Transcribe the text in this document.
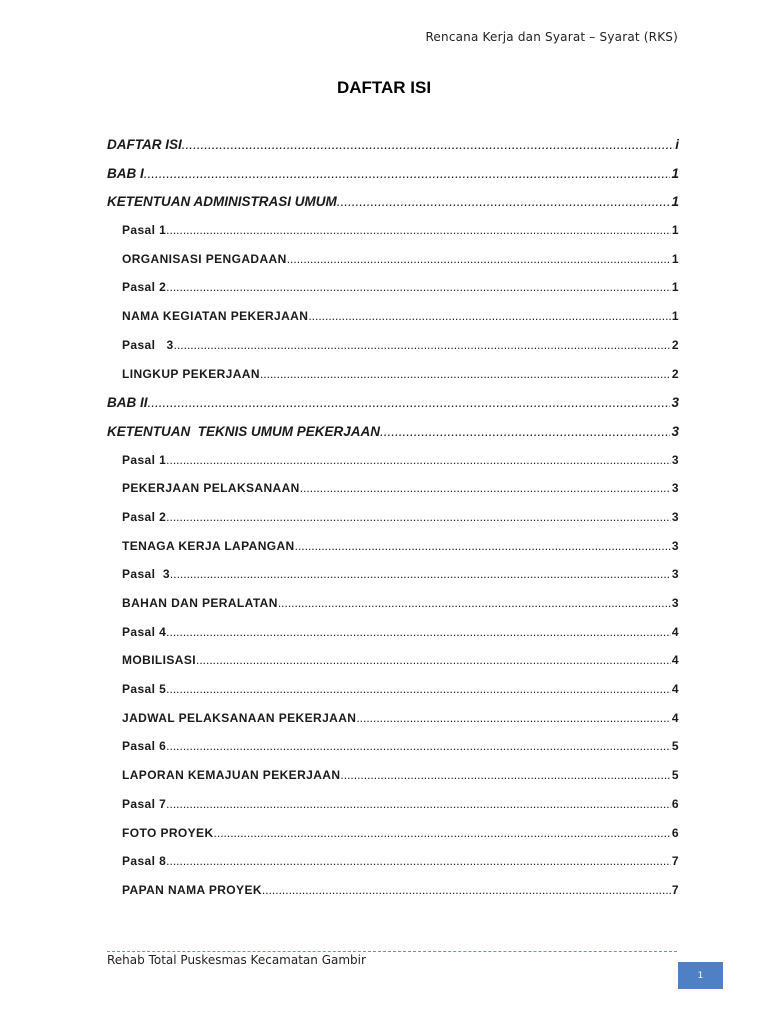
Rencana Kerja dan Syarat – Syarat (RKS)
DAFTAR ISI
DAFTAR ISI .....	i
BAB I .....	1
KETENTUAN ADMINISTRASI UMUM .....	1
Pasal 1 .....	1
ORGANISASI PENGADAAN .....	1
Pasal 2 .....	1
NAMA KEGIATAN PEKERJAAN .....	1
Pasal   3 .....	2
LINGKUP PEKERJAAN .....	2
BAB II .....	3
KETENTUAN  TEKNIS UMUM PEKERJAAN .....	3
Pasal 1 .....	3
PEKERJAAN PELAKSANAAN .....	3
Pasal 2 .....	3
TENAGA KERJA LAPANGAN .....	3
Pasal  3 .....	3
BAHAN DAN PERALATAN .....	3
Pasal 4 .....	4
MOBILISASI .....	4
Pasal 5 .....	4
JADWAL PELAKSANAAN PEKERJAAN .....	4
Pasal 6 .....	5
LAPORAN KEMAJUAN PEKERJAAN .....	5
Pasal 7 .....	6
FOTO PROYEK .....	6
Pasal 8 .....	7
PAPAN NAMA PROYEK .....	7
Rehab Total Puskesmas Kecamatan Gambir
1
